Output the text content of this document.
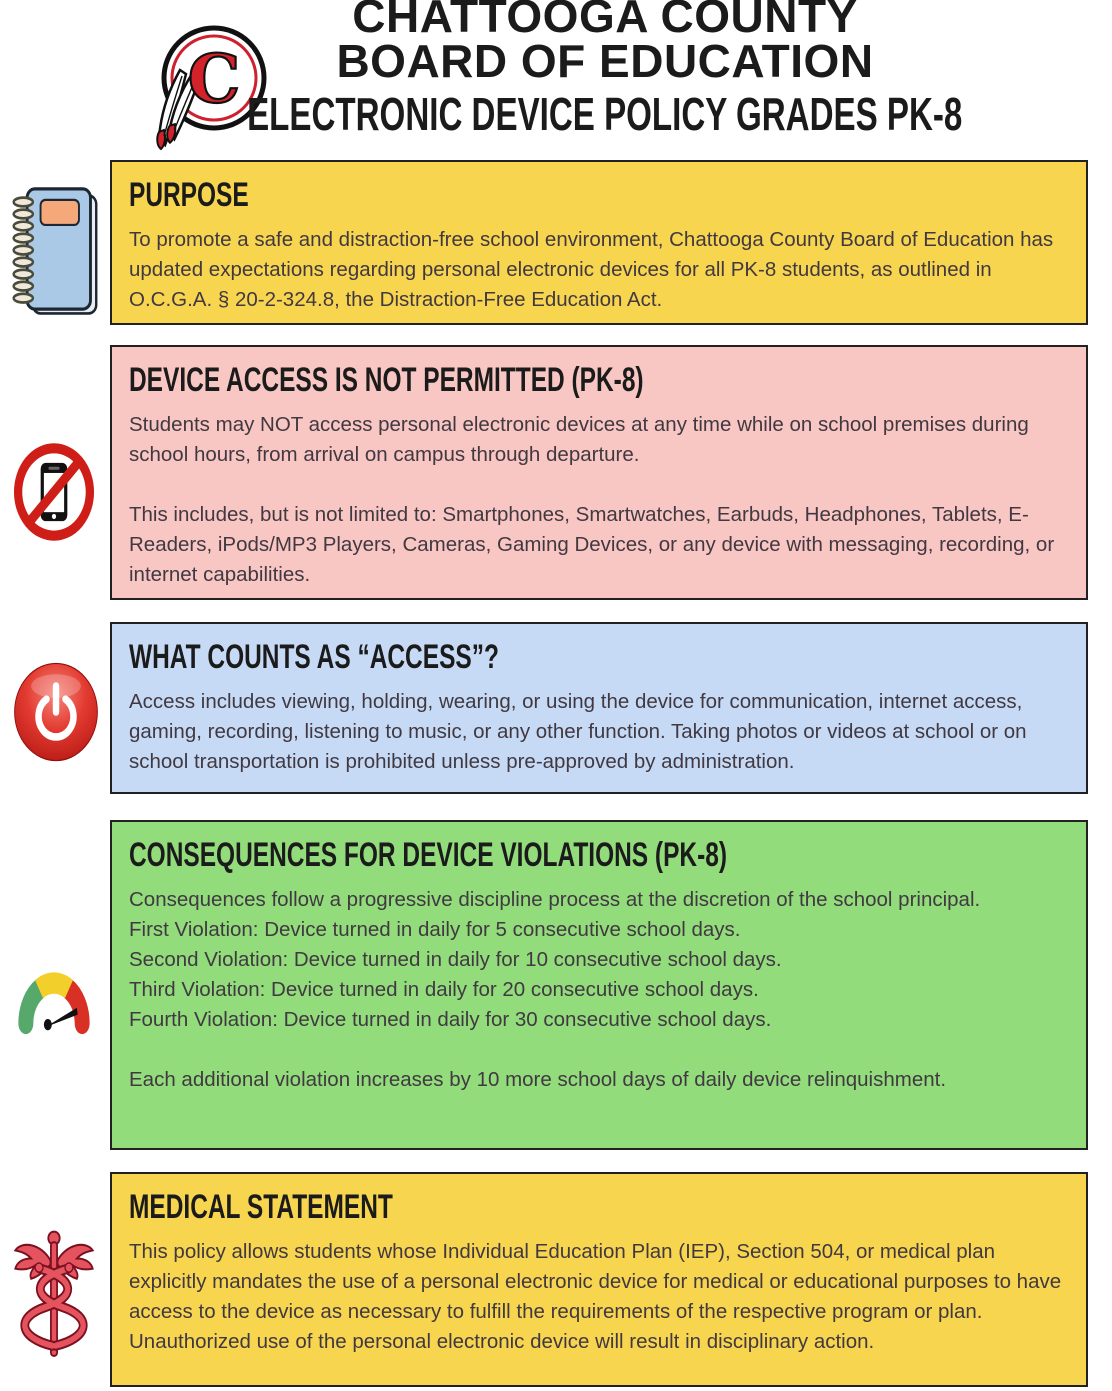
C
CHATTOOGA COUNTY
BOARD OF EDUCATION
ELECTRONIC DEVICE POLICY GRADES PK-8
PURPOSE

To promote a safe and distraction-free school environment, Chattooga County Board of Education has updated expectations regarding personal electronic devices for all PK-8 students, as outlined in O.C.G.A. § 20-2-324.8, the Distraction-Free Education Act.

DEVICE ACCESS IS NOT PERMITTED (PK-8)

Students may NOT access personal electronic devices at any time while on school premises during school hours, from arrival on campus through departure.

This includes, but is not limited to: Smartphones, Smartwatches, Earbuds, Headphones, Tablets, E-Readers, iPods/MP3 Players, Cameras, Gaming Devices, or any device with messaging, recording, or internet capabilities.

WHAT COUNTS AS “ACCESS”?

Access includes viewing, holding, wearing, or using the device for communication, internet access, gaming, recording, listening to music, or any other function. Taking photos or videos at school or on school transportation is prohibited unless pre-approved by administration.

CONSEQUENCES FOR DEVICE VIOLATIONS (PK-8)

Consequences follow a progressive discipline process at the discretion of the school principal.

First Violation: Device turned in daily for 5 consecutive school days.

Second Violation: Device turned in daily for 10 consecutive school days.

Third Violation: Device turned in daily for 20 consecutive school days.

Fourth Violation: Device turned in daily for 30 consecutive school days.

Each additional violation increases by 10 more school days of daily device relinquishment.

MEDICAL STATEMENT

This policy allows students whose Individual Education Plan (IEP), Section 504, or medical plan explicitly mandates the use of a personal electronic device for medical or educational purposes to have access to the device as necessary to fulfill the requirements of the respective program or plan. Unauthorized use of the personal electronic device will result in disciplinary action.
